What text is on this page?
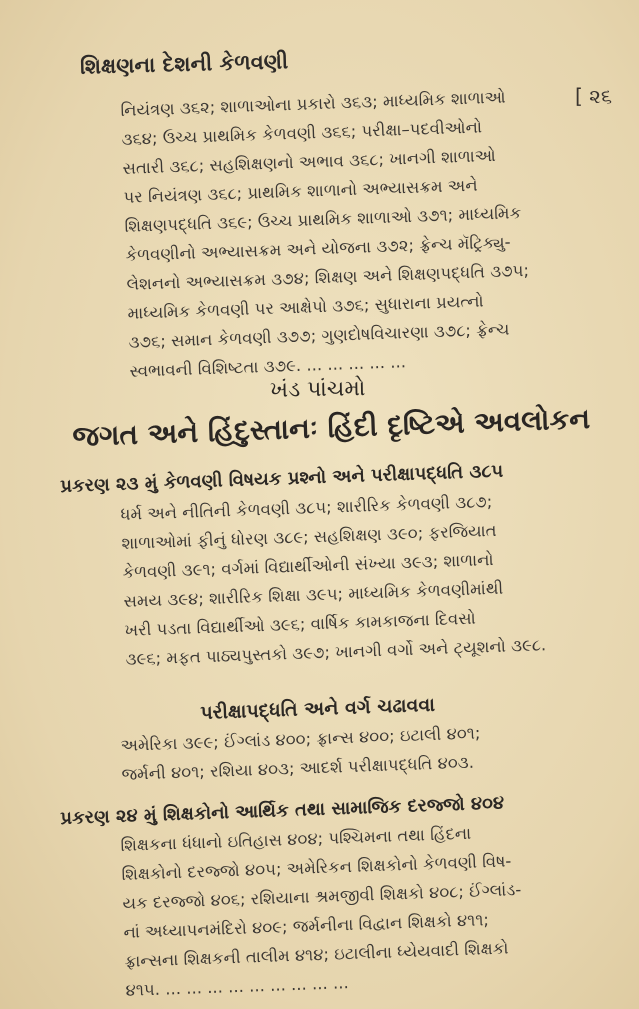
શિક્ષણના દેશની કેળવણી
[ ૨૬
નિયંત્રણ ૩૬૨; શાળાઓના પ્રકારો ૩૬૩; માધ્યમિક શાળાઓ
૩૬૪; ઉચ્ચ પ્રાથમિક કેળવણી ૩૬૬; પરીક્ષા–પદવીઓનો
સતારી ૩૬૮; સહશિક્ષણનો અભાવ ૩૬૮; ખાનગી શાળાઓ
પર નિયંત્રણ ૩૬૮; પ્રાથમિક શાળાનો અભ્યાસક્રમ અને
શિક્ષણપદ્ધતિ ૩૬૯; ઉચ્ચ પ્રાથમિક શાળાઓ ૩૭૧; માધ્યમિક
કેળવણીનો અભ્યાસક્રમ અને યોજના ૩૭૨; ફ્રેન્ચ મૅટ્રિક્યુ-
લેશનનો અભ્યાસક્રમ ૩૭૪; શિક્ષણ અને શિક્ષણપદ્ધતિ ૩૭૫;
માધ્યમિક કેળવણી પર આક્ષેપો ૩૭૬; સુધારાના પ્રયત્નો
૩૭૬; સમાન કેળવણી ૩૭૭; ગુણદોષવિચારણા ૩૭૮; ફ્રેન્ચ
સ્વભાવની વિશિષ્ટતા ૩૭૯. ... ... ... ... ...
ખંડ પાંચમો
જગત અને હિંદુસ્તાનઃ હિંદી દૃષ્ટિએ અવલોકન
પ્રકરણ ૨૩ મું કેળવણી વિષયક પ્રશ્નો અને પરીક્ષાપદ્ધતિ ૩૮૫
ધર્મ અને નીતિની કેળવણી ૩૮૫; શારીરિક કેળવણી ૩૮૭;
શાળાઓમાં ફીનું ધોરણ ૩૮૯; સહશિક્ષણ ૩૯૦; ફરજિયાત
કેળવણી ૩૯૧; વર્ગમાં વિદ્યાર્થીઓની સંખ્યા ૩૯૩; શાળાનો
સમય ૩૯૪; શારીરિક શિક્ષા ૩૯૫; માધ્યમિક કેળવણીમાંથી
ખરી પડતા વિદ્યાર્થીઓ ૩૯૬; વાર્ષિક કામકાજના દિવસો
૩૯૬; મફત પાઠ્યપુસ્તકો ૩૯૭; ખાનગી વર્ગો અને ટ્યૂશનો ૩૯૮.
પરીક્ષાપદ્ધતિ અને વર્ગ ચઢાવવા
અમેરિકા ૩૯૯; ઈંગ્લાંડ ૪૦૦; ફ્રાન્સ ૪૦૦; ઇટાલી ૪૦૧;
જર્મની ૪૦૧; રશિયા ૪૦૩; આદર્શ પરીક્ષાપદ્ધતિ ૪૦૩.
પ્રકરણ ૨૪ મું શિક્ષકોનો આર્થિક તથા સામાજિક દરજ્જો ૪૦૪
શિક્ષકના ધંધાનો ઇતિહાસ ૪૦૪; પશ્ચિમના તથા હિંદના
શિક્ષકોનો દરજ્જો ૪૦૫; અમેરિકન શિક્ષકોનો કેળવણી વિષ-
યક દરજ્જો ૪૦૬; રશિયાના શ્રમજીવી શિક્ષકો ૪૦૮; ઈંગ્લાંડ-
નાં અધ્યાપનમંદિરો ૪૦૯; જર્મનીના વિદ્વાન શિક્ષકો ૪૧૧;
ફ્રાન્સના શિક્ષકની તાલીમ ૪૧૪; ઇટાલીના ધ્યેયવાદી શિક્ષકો
૪૧૫. ... ... ... ... ... ... ... ... ...
